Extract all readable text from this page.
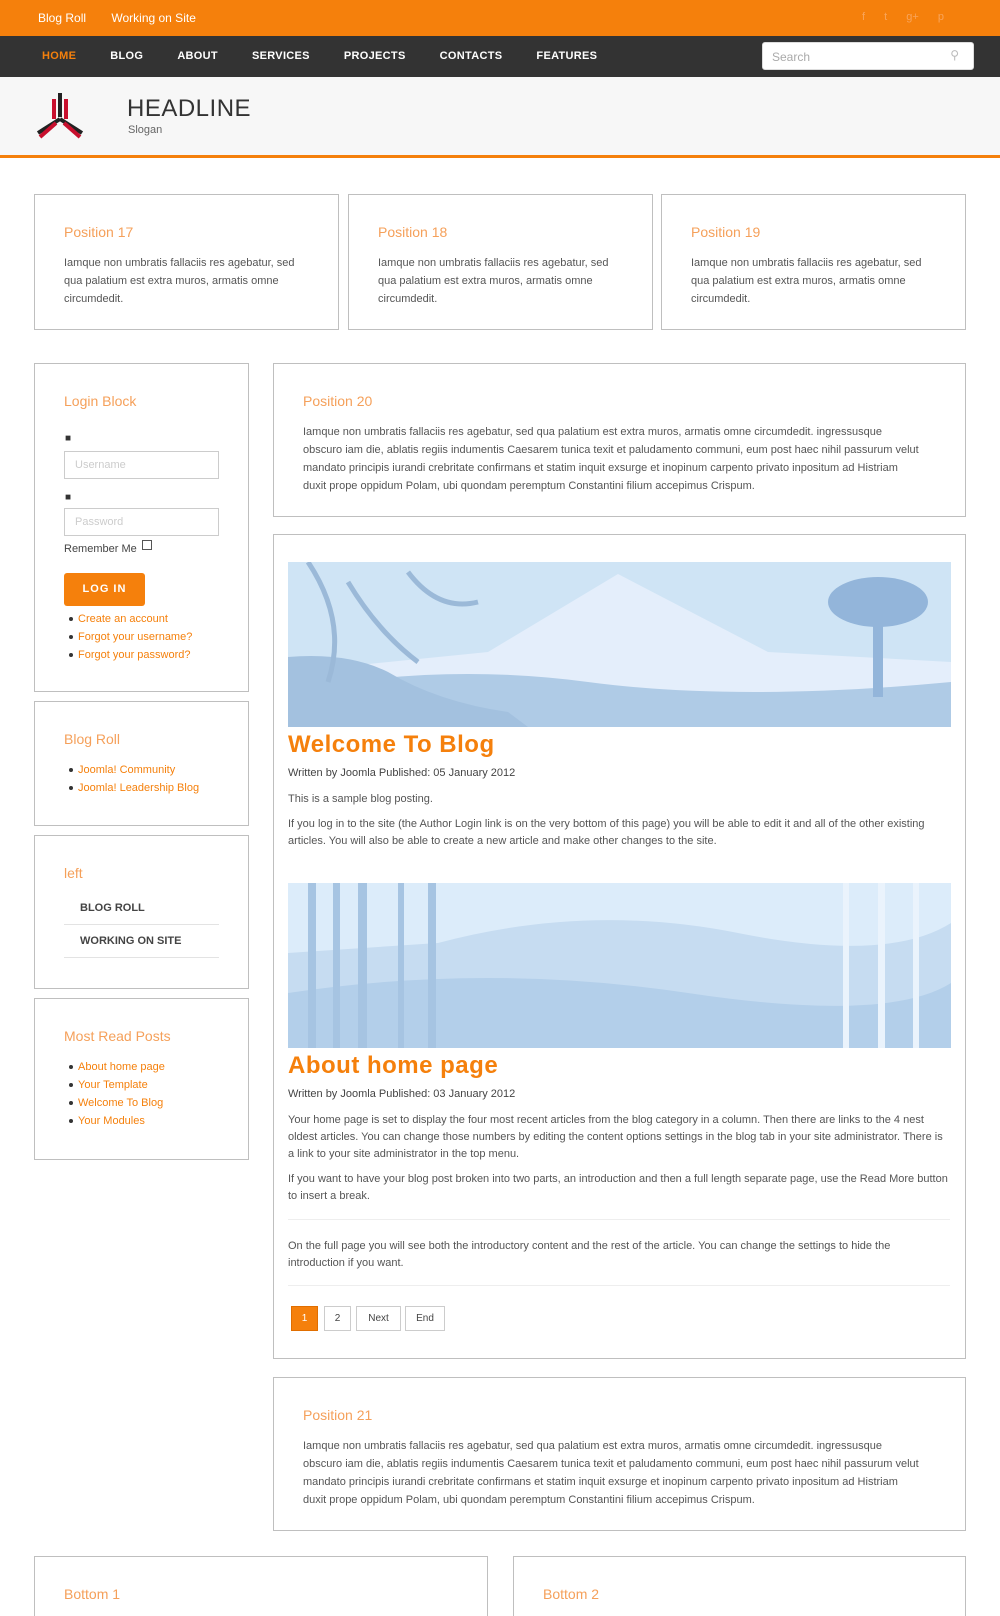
Blog Roll Working on Site	f t g+ p
HOME	BLOG	ABOUT	SERVICES	PROJECTS	CONTACTS	FEATURES	Search	⚲
HEADLINE
Slogan
Position 17
Iamque non umbratis fallaciis res agebatur, sed qua palatium est extra muros, armatis omne circumdedit.
Position 18
Iamque non umbratis fallaciis res agebatur, sed qua palatium est extra muros, armatis omne circumdedit.
Position 19
Iamque non umbratis fallaciis res agebatur, sed qua palatium est extra muros, armatis omne circumdedit.
Login Block
■
Username
■
Password
Remember Me
LOG IN
Create an account
Forgot your username?
Forgot your password?
Blog Roll
Joomla! Community
Joomla! Leadership Blog
left
BLOG ROLL
WORKING ON SITE
Most Read Posts
About home page
Your Template
Welcome To Blog
Your Modules
Position 20
Iamque non umbratis fallaciis res agebatur, sed qua palatium est extra muros, armatis omne circumdedit. ingressusque obscuro iam die, ablatis regiis indumentis Caesarem tunica texit et paludamento communi, eum post haec nihil passurum velut mandato principis iurandi crebritate confirmans et statim inquit exsurge et inopinum carpento privato inpositum ad Histriam duxit prope oppidum Polam, ubi quondam peremptum Constantini filium accepimus Crispum.
Welcome To Blog
Written by Joomla Published: 05 January 2012
This is a sample blog posting.
If you log in to the site (the Author Login link is on the very bottom of this page) you will be able to edit it and all of the other existing articles. You will also be able to create a new article and make other changes to the site.
About home page
Written by Joomla Published: 03 January 2012
Your home page is set to display the four most recent articles from the blog category in a column. Then there are links to the 4 nest oldest articles. You can change those numbers by editing the content options settings in the blog tab in your site administrator. There is a link to your site administrator in the top menu.
If you want to have your blog post broken into two parts, an introduction and then a full length separate page, use the Read More button to insert a break.
On the full page you will see both the introductory content and the rest of the article. You can change the settings to hide the introduction if you want.
1	2	Next	End
Position 21
Iamque non umbratis fallaciis res agebatur, sed qua palatium est extra muros, armatis omne circumdedit. ingressusque obscuro iam die, ablatis regiis indumentis Caesarem tunica texit et paludamento communi, eum post haec nihil passurum velut mandato principis iurandi crebritate confirmans et statim inquit exsurge et inopinum carpento privato inpositum ad Histriam duxit prope oppidum Polam, ubi quondam peremptum Constantini filium accepimus Crispum.
Bottom 1	Bottom 2
